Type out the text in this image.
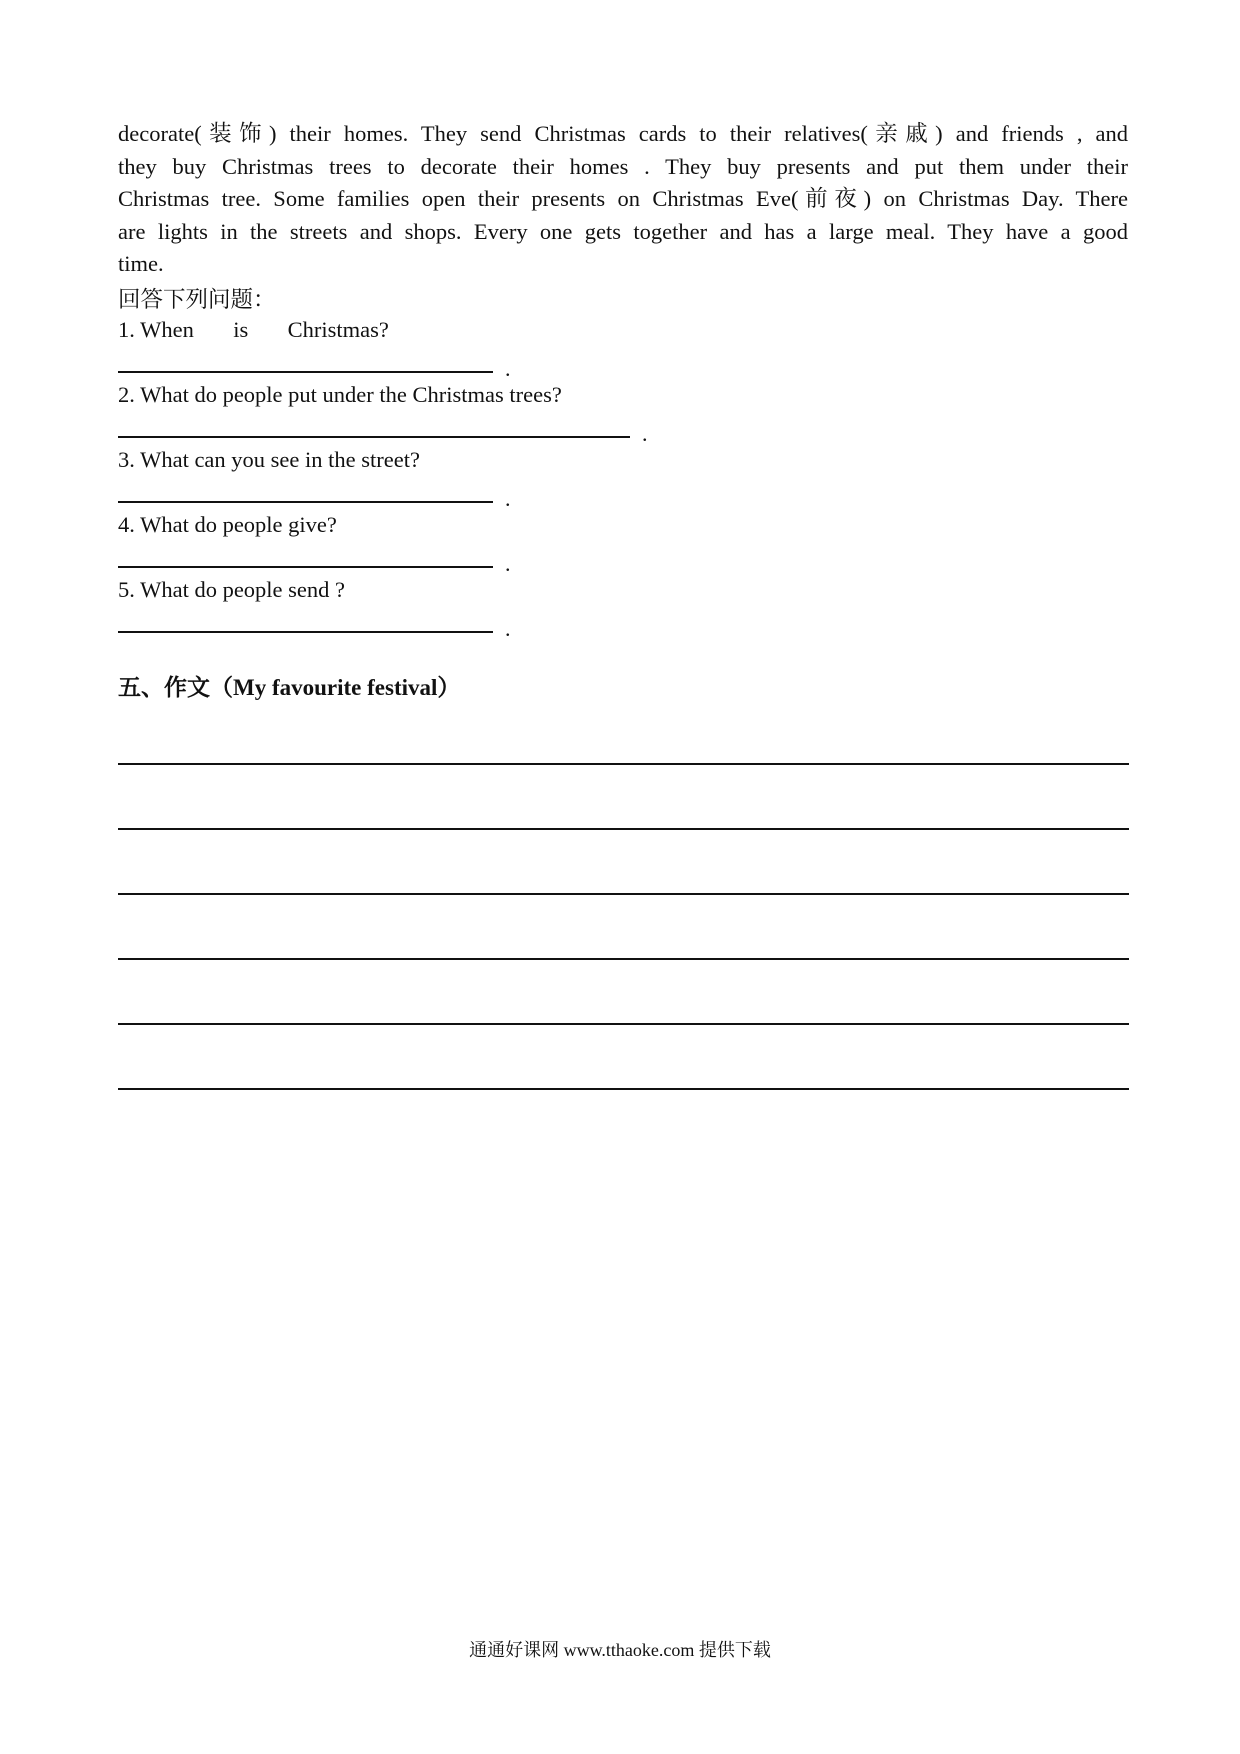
decorate(装饰) their homes. They send Christmas cards to their relatives(亲戚) and friends , and
they buy Christmas trees to decorate their homes . They buy presents and put them under their
Christmas tree. Some families open their presents on Christmas Eve(前夜) on Christmas Day. There
are lights in the streets and shops. Every one gets together and has a large meal. They have a good
time.
回答下列问题：
1. When       is       Christmas?
.
2. What do people put under the Christmas trees?
.
3. What can you see in the street?
.
4. What do people give?
.
5. What do people send ?
.
五、作文（My favourite festival）
通通好课网 www.tthaoke.com 提供下载
